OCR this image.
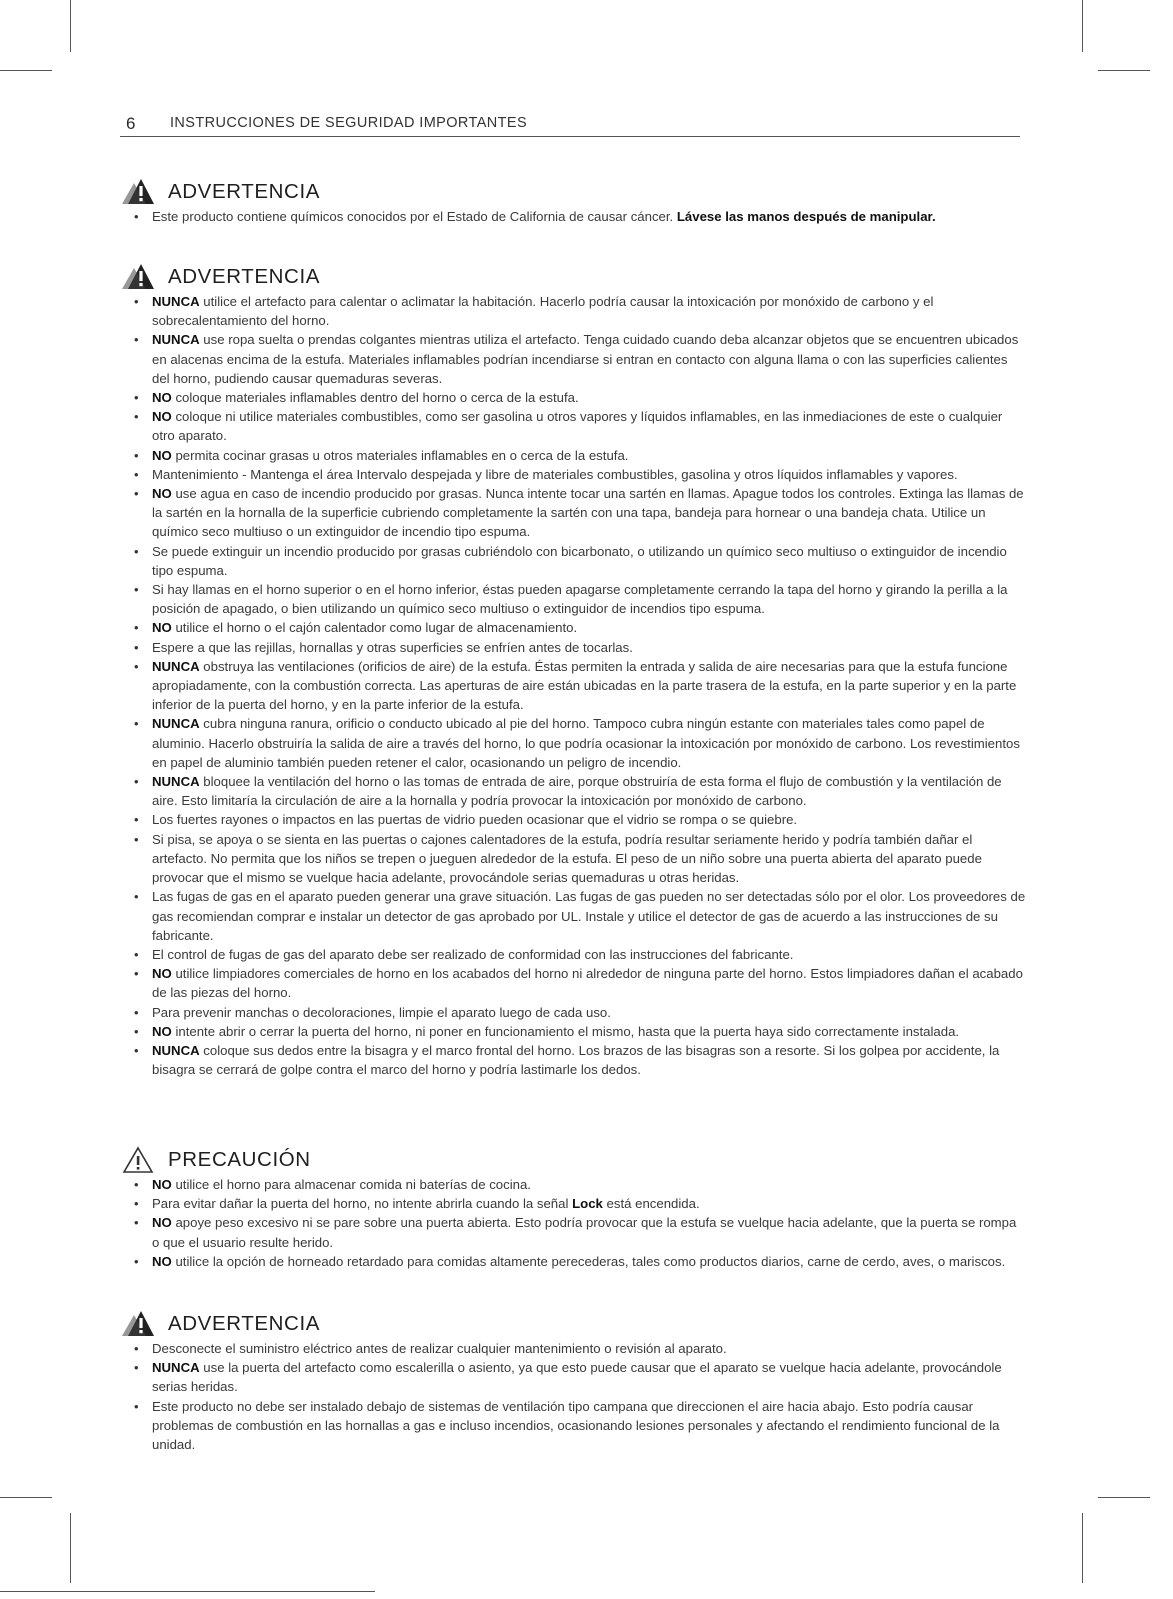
6 INSTRUCCIONES DE SEGURIDAD IMPORTANTES
ADVERTENCIA
• Este producto contiene químicos conocidos por el Estado de California de causar cáncer. Lávese las manos después de manipular.
ADVERTENCIA
• NUNCA utilice el artefacto para calentar o aclimatar la habitación. Hacerlo podría causar la intoxicación por monóxido de carbono y el sobrecalentamiento del horno.
• NUNCA use ropa suelta o prendas colgantes mientras utiliza el artefacto. Tenga cuidado cuando deba alcanzar objetos que se encuentren ubicados en alacenas encima de la estufa. Materiales inflamables podrían incendiarse si entran en contacto con alguna llama o con las superficies calientes del horno, pudiendo causar quemaduras severas.
• NO coloque materiales inflamables dentro del horno o cerca de la estufa.
• NO coloque ni utilice materiales combustibles, como ser gasolina u otros vapores y líquidos inflamables, en las inmediaciones de este o cualquier otro aparato.
• NO permita cocinar grasas u otros materiales inflamables en o cerca de la estufa.
• Mantenimiento - Mantenga el área Intervalo despejada y libre de materiales combustibles, gasolina y otros líquidos inflamables y vapores.
• NO use agua en caso de incendio producido por grasas. Nunca intente tocar una sartén en llamas. Apague todos los controles. Extinga las llamas de la sartén en la hornalla de la superficie cubriendo completamente la sartén con una tapa, bandeja para hornear o una bandeja chata. Utilice un químico seco multiuso o un extinguidor de incendio tipo espuma.
• Se puede extinguir un incendio producido por grasas cubriéndolo con bicarbonato, o utilizando un químico seco multiuso o extinguidor de incendio tipo espuma.
• Si hay llamas en el horno superior o en el horno inferior, éstas pueden apagarse completamente cerrando la tapa del horno y girando la perilla a la posición de apagado, o bien utilizando un químico seco multiuso o extinguidor de incendios tipo espuma.
• NO utilice el horno o el cajón calentador como lugar de almacenamiento.
• Espere a que las rejillas, hornallas y otras superficies se enfríen antes de tocarlas.
• NUNCA obstruya las ventilaciones (orificios de aire) de la estufa. Éstas permiten la entrada y salida de aire necesarias para que la estufa funcione apropiadamente, con la combustión correcta. Las aperturas de aire están ubicadas en la parte trasera de la estufa, en la parte superior y en la parte inferior de la puerta del horno, y en la parte inferior de la estufa.
• NUNCA cubra ninguna ranura, orificio o conducto ubicado al pie del horno. Tampoco cubra ningún estante con materiales tales como papel de aluminio. Hacerlo obstruiría la salida de aire a través del horno, lo que podría ocasionar la intoxicación por monóxido de carbono. Los revestimientos en papel de aluminio también pueden retener el calor, ocasionando un peligro de incendio.
• NUNCA bloquee la ventilación del horno o las tomas de entrada de aire, porque obstruiría de esta forma el flujo de combustión y la ventilación de aire. Esto limitaría la circulación de aire a la hornalla y podría provocar la intoxicación por monóxido de carbono.
• Los fuertes rayones o impactos en las puertas de vidrio pueden ocasionar que el vidrio se rompa o se quiebre.
• Si pisa, se apoya o se sienta en las puertas o cajones calentadores de la estufa, podría resultar seriamente herido y podría también dañar el artefacto. No permita que los niños se trepen o jueguen alrededor de la estufa. El peso de un niño sobre una puerta abierta del aparato puede provocar que el mismo se vuelque hacia adelante, provocándole serias quemaduras u otras heridas.
• Las fugas de gas en el aparato pueden generar una grave situación. Las fugas de gas pueden no ser detectadas sólo por el olor. Los proveedores de gas recomiendan comprar e instalar un detector de gas aprobado por UL. Instale y utilice el detector de gas de acuerdo a las instrucciones de su fabricante.
• El control de fugas de gas del aparato debe ser realizado de conformidad con las instrucciones del fabricante.
• NO utilice limpiadores comerciales de horno en los acabados del horno ni alrededor de ninguna parte del horno. Estos limpiadores dañan el acabado de las piezas del horno.
• Para prevenir manchas o decoloraciones, limpie el aparato luego de cada uso.
• NO intente abrir o cerrar la puerta del horno, ni poner en funcionamiento el mismo, hasta que la puerta haya sido correctamente instalada.
• NUNCA coloque sus dedos entre la bisagra y el marco frontal del horno. Los brazos de las bisagras son a resorte. Si los golpea por accidente, la bisagra se cerrará de golpe contra el marco del horno y podría lastimarle los dedos.
PRECAUCIÓN
• NO utilice el horno para almacenar comida ni baterías de cocina.
• Para evitar dañar la puerta del horno, no intente abrirla cuando la señal Lock está encendida.
• NO apoye peso excesivo ni se pare sobre una puerta abierta. Esto podría provocar que la estufa se vuelque hacia adelante, que la puerta se rompa o que el usuario resulte herido.
• NO utilice la opción de horneado retardado para comidas altamente perecederas, tales como productos diarios, carne de cerdo, aves, o mariscos.
ADVERTENCIA
• Desconecte el suministro eléctrico antes de realizar cualquier mantenimiento o revisión al aparato.
• NUNCA use la puerta del artefacto como escalerilla o asiento, ya que esto puede causar que el aparato se vuelque hacia adelante, provocándole serias heridas.
• Este producto no debe ser instalado debajo de sistemas de ventilación tipo campana que direccionen el aire hacia abajo. Esto podría causar problemas de combustión en las hornallas a gas e incluso incendios, ocasionando lesiones personales y afectando el rendimiento funcional de la unidad.
